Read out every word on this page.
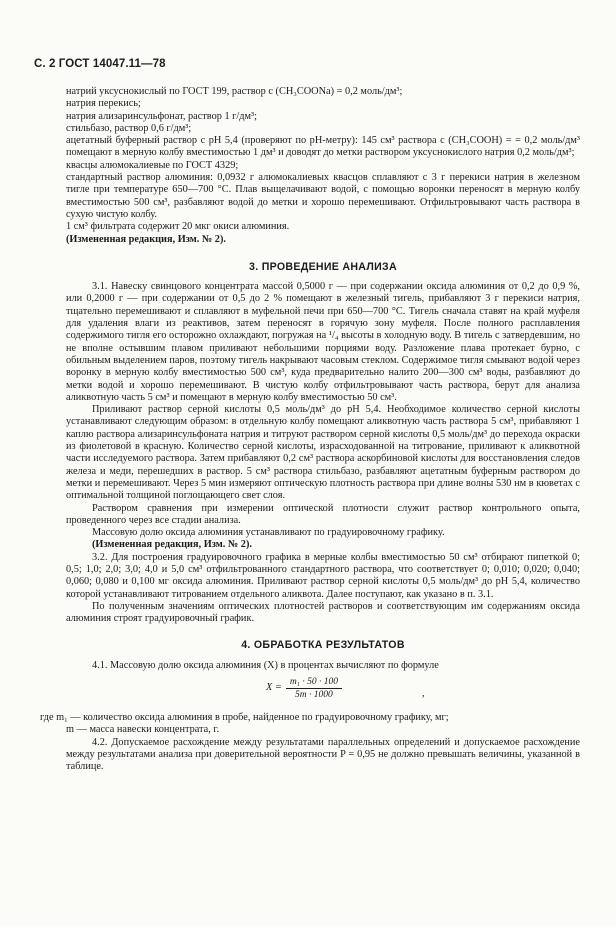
С. 2 ГОСТ 14047.11—78

натрий уксуснокислый по ГОСТ 199, раствор с (CH₃COONa) = 0,2 моль/дм³;

натрия перекись;

натрия ализаринсульфонат, раствор 1 г/дм³;

стильбазо, раствор 0,6 г/дм³;

ацетатный буферный раствор с pH 5,4 (проверяют по pH-метру): 145 см³ раствора с (CH₃COOH) = = 0,2 моль/дм³ помещают в мерную колбу вместимостью 1 дм³ и доводят до метки раствором уксуснокислого натрия 0,2 моль/дм³;

квасцы алюмокалиевые по ГОСТ 4329;

стандартный раствор алюминия: 0,0932 г алюмокалиевых квасцов сплавляют с 3 г перекиси натрия в железном тигле при температуре 650—700 °С. Плав выщелачивают водой, с помощью воронки переносят в мерную колбу вместимостью 500 см³, разбавляют водой до метки и хорошо перемешивают. Отфильтровывают часть раствора в сухую чистую колбу.

1 см³ фильтрата содержит 20 мкг окиси алюминия.

(Измененная редакция, Изм. № 2).

3. ПРОВЕДЕНИЕ АНАЛИЗА

3.1. Навеску свинцового концентрата массой 0,5000 г — при содержании оксида алюминия от 0,2 до 0,9 %, или 0,2000 г — при содержании от 0,5 до 2 % помещают в железный тигель, прибавляют 3 г перекиси натрия, тщательно перемешивают и сплавляют в муфельной печи при 650—700 °С. Тигель сначала ставят на край муфеля для удаления влаги из реактивов, затем переносят в горячую зону муфеля. После полного расплавления содержимого тигля его осторожно охлаждают, погружая на ¹/₄ высоты в холодную воду. В тигель с затвердевшим, но не вполне остывшим плавом приливают небольшими порциями воду. Разложение плава протекает бурно, с обильным выделением паров, поэтому тигель накрывают часовым стеклом. Содержимое тигля смывают водой через воронку в мерную колбу вместимостью 500 см³, куда предварительно налито 200—300 см³ воды, разбавляют до метки водой и хорошо перемешивают. В чистую колбу отфильтровывают часть раствора, берут для анализа аликвотную часть 5 см³ и помещают в мерную колбу вместимостью 50 см³.

Приливают раствор серной кислоты 0,5 моль/дм³ до pH 5,4. Необходимое количество серной кислоты устанавливают следующим образом: в отдельную колбу помещают аликвотную часть раствора 5 см³, прибавляют 1 каплю раствора ализаринсульфоната натрия и титруют раствором серной кислоты 0,5 моль/дм³ до перехода окраски из фиолетовой в красную. Количество серной кислоты, израсходованной на титрование, приливают к аликвотной части исследуемого раствора. Затем прибавляют 0,2 см³ раствора аскорбиновой кислоты для восстановления следов железа и меди, перешедших в раствор. 5 см³ раствора стильбазо, разбавляют ацетатным буферным раствором до метки и перемешивают. Через 5 мин измеряют оптическую плотность раствора при длине волны 530 нм в кюветах с оптимальной толщиной поглощающего свет слоя.

Раствором сравнения при измерении оптической плотности служит раствор контрольного опыта, проведенного через все стадии анализа.

Массовую долю оксида алюминия устанавливают по градуировочному графику.

(Измененная редакция, Изм. № 2).

3.2. Для построения градуировочного графика в мерные колбы вместимостью 50 см³ отбирают пипеткой 0; 0,5; 1,0; 2,0; 3,0; 4,0 и 5,0 см³ отфильтрованного стандартного раствора, что соответствует 0; 0,010; 0,020; 0,040; 0,060; 0,080 и 0,100 мг оксида алюминия. Приливают раствор серной кислоты 0,5 моль/дм³ до pH 5,4, количество которой устанавливают титрованием отдельного аликвота. Далее поступают, как указано в п. 3.1.

По полученным значениям оптических плотностей растворов и соответствующим им содержаниям оксида алюминия строят градуировочный график.

4. ОБРАБОТКА РЕЗУЛЬТАТОВ

4.1. Массовую долю оксида алюминия (X) в процентах вычисляют по формуле

$X = \frac{\text{m₁ · 50 · 100}}{5m \cdot 1000}$	,

где m₁ — количество оксида алюминия в пробе, найденное по градуировочному графику, мг;

m — масса навески концентрата, г.

4.2. Допускаемое расхождение между результатами параллельных определений и допускаемое расхождение между результатами анализа при доверительной вероятности P = 0,95 не должно превышать величины, указанной в таблице.
